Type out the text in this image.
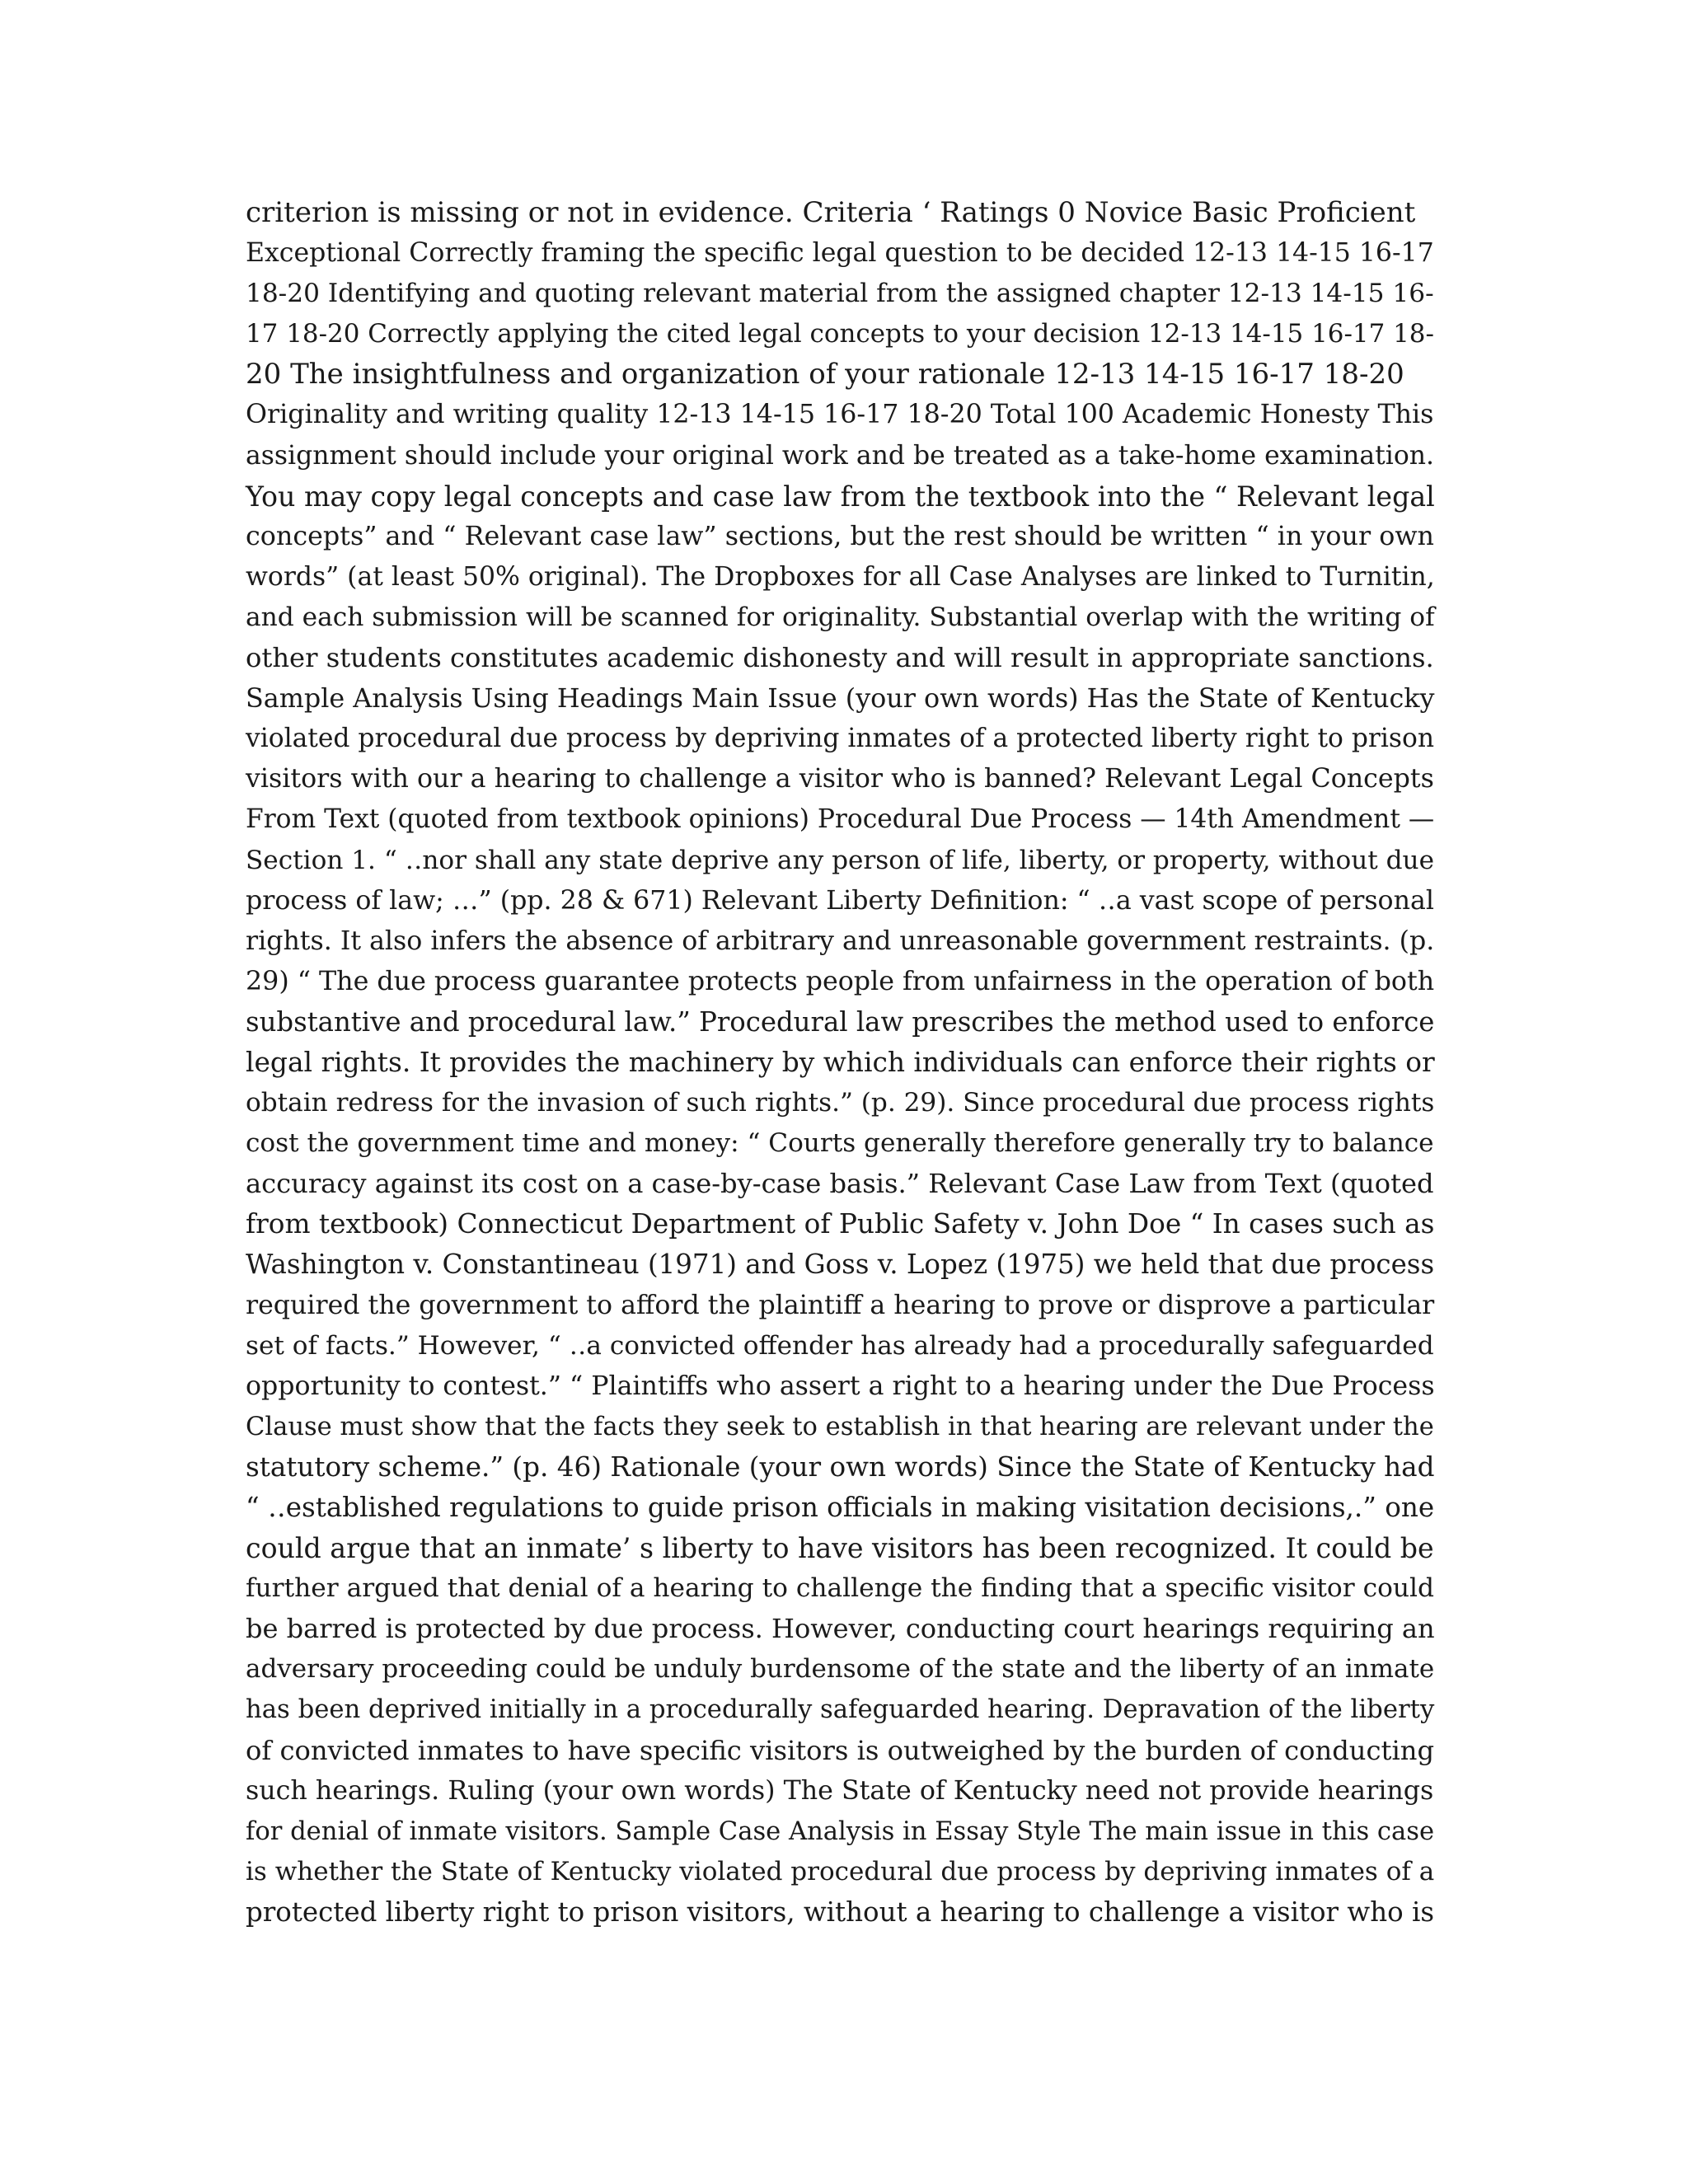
criterion is missing or not in evidence. Criteria ‘ Ratings 0 Novice Basic Proficient
Exceptional Correctly framing the specific legal question to be decided 12-13 14-15 16-17
18-20 Identifying and quoting relevant material from the assigned chapter 12-13 14-15 16-
17 18-20 Correctly applying the cited legal concepts to your decision 12-13 14-15 16-17 18-
20 The insightfulness and organization of your rationale 12-13 14-15 16-17 18-20
Originality and writing quality 12-13 14-15 16-17 18-20 Total 100 Academic Honesty This
assignment should include your original work and be treated as a take-home examination.
You may copy legal concepts and case law from the textbook into the “ Relevant legal
concepts” and “ Relevant case law” sections, but the rest should be written “ in your own
words” (at least 50% original). The Dropboxes for all Case Analyses are linked to Turnitin,
and each submission will be scanned for originality. Substantial overlap with the writing of
other students constitutes academic dishonesty and will result in appropriate sanctions.
Sample Analysis Using Headings Main Issue (your own words) Has the State of Kentucky
violated procedural due process by depriving inmates of a protected liberty right to prison
visitors with our a hearing to challenge a visitor who is banned? Relevant Legal Concepts
From Text (quoted from textbook opinions) Procedural Due Process — 14th Amendment —
Section 1. “ ‥nor shall any state deprive any person of life, liberty, or property, without due
process of law; …” (pp. 28 & 671) Relevant Liberty Definition: “ ‥a vast scope of personal
rights. It also infers the absence of arbitrary and unreasonable government restraints. (p.
29) “ The due process guarantee protects people from unfairness in the operation of both
substantive and procedural law.” Procedural law prescribes the method used to enforce
legal rights. It provides the machinery by which individuals can enforce their rights or
obtain redress for the invasion of such rights.” (p. 29). Since procedural due process rights
cost the government time and money: “ Courts generally therefore generally try to balance
accuracy against its cost on a case-by-case basis.” Relevant Case Law from Text (quoted
from textbook) Connecticut Department of Public Safety v. John Doe “ In cases such as
Washington v. Constantineau (1971) and Goss v. Lopez (1975) we held that due process
required the government to afford the plaintiff a hearing to prove or disprove a particular
set of facts.” However, “ ‥a convicted offender has already had a procedurally safeguarded
opportunity to contest.” “ Plaintiffs who assert a right to a hearing under the Due Process
Clause must show that the facts they seek to establish in that hearing are relevant under the
statutory scheme.” (p. 46) Rationale (your own words) Since the State of Kentucky had
“ ‥established regulations to guide prison officials in making visitation decisions,.” one
could argue that an inmate’ s liberty to have visitors has been recognized. It could be
further argued that denial of a hearing to challenge the finding that a specific visitor could
be barred is protected by due process. However, conducting court hearings requiring an
adversary proceeding could be unduly burdensome of the state and the liberty of an inmate
has been deprived initially in a procedurally safeguarded hearing. Depravation of the liberty
of convicted inmates to have specific visitors is outweighed by the burden of conducting
such hearings. Ruling (your own words) The State of Kentucky need not provide hearings
for denial of inmate visitors. Sample Case Analysis in Essay Style The main issue in this case
is whether the State of Kentucky violated procedural due process by depriving inmates of a
protected liberty right to prison visitors, without a hearing to challenge a visitor who is
